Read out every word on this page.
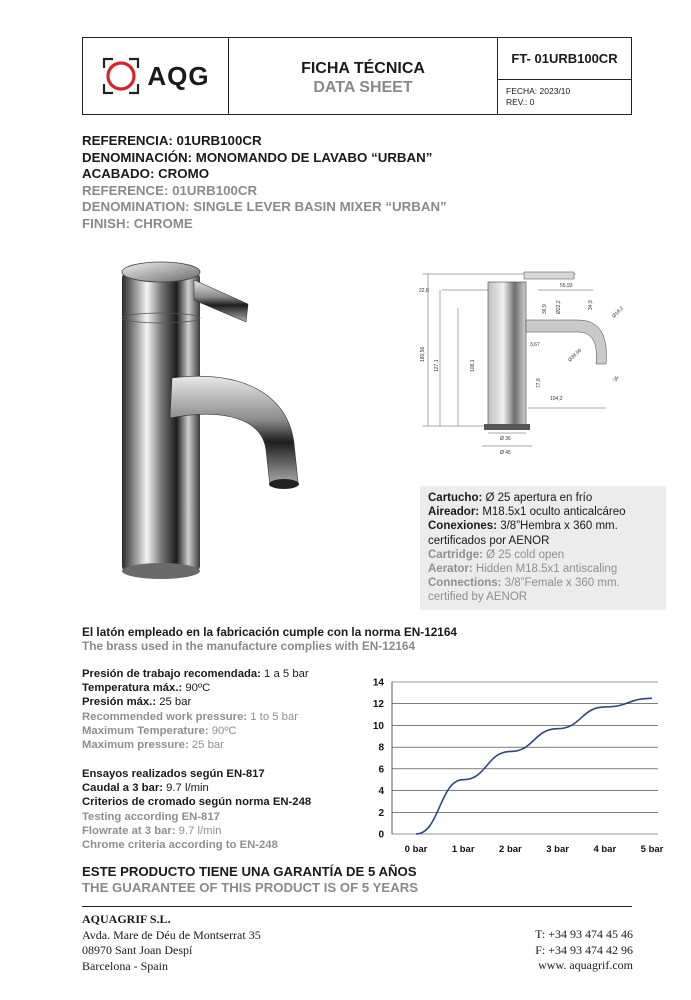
AQG	FICHA TÉCNICA
DATA SHEET
FT- 01URB100CR
FECHA: 2023/10
REV.: 0
REFERENCIA: 01URB100CR
DENOMINACIÓN: MONOMANDO DE LAVABO “URBAN”
ACABADO: CROMO
REFERENCE: 01URB100CR
DENOMINATION: SINGLE LEVER BASIN MIXER “URBAN”
FINISH: CHROME
22,8
180,56
127,1	108,1
55,93
36,9 Ø22,2	34,9
Ø18,2
Ø38,56
3,67
77,8
104,2
35
Ø 36
Ø 45
Cartucho: Ø 25 apertura en frío
Aireador: M18.5x1 oculto anticalcáreo
Conexiones: 3/8”Hembra x 360 mm.
certificados por AENOR
Cartridge: Ø 25 cold open
Aerator: Hidden M18.5x1 antiscaling
Connections: 3/8”Female x 360 mm.
certified by AENOR
El latón empleado en la fabricación cumple con la norma EN-12164
The brass used in the manufacture complies with EN-12164
Presión de trabajo recomendada: 1 a 5 bar
Temperatura máx.: 90ºC
Presión máx.: 25 bar
Recommended work pressure: 1 to 5 bar
Maximum Temperature: 90ºC
Maximum pressure: 25 bar
Ensayos realizados según EN-817
Caudal a 3 bar: 9.7 l/min
Criterios de cromado según norma EN-248
Testing according EN-817
Flowrate at 3 bar: 9.7 l/min
Chrome criteria according to EN-248
0
2
4
6
8
10
12
14
0 bar	1 bar	2 bar	3 bar	4 bar	5 bar
ESTE PRODUCTO TIENE UNA GARANTÍA DE 5 AÑOS
THE GUARANTEE OF THIS PRODUCT IS OF 5 YEARS
AQUAGRIF S.L.
Avda. Mare de Déu de Montserrat 35
08970 Sant Joan Despí
Barcelona - Spain
T: +34 93 474 45 46
F: +34 93 474 42 96
www. aquagrif.com
